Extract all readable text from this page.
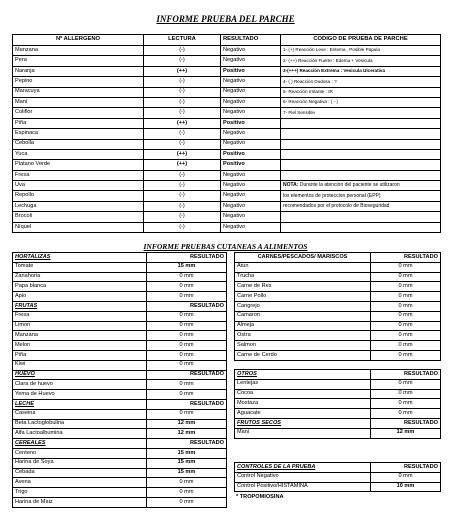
INFORME PRUEBA DEL PARCHE
Nº ALLERGENO	LECTURA	RESULTADO	CODIGO DE PRUEBA DE PARCHE
Manzana	(-)	Negativo	1- (+) Reacción Leve : Eritema , Posible Papula
Pera	(-)	Negativo	2- (++) Reacción Fuerte : Edema + Vesicula
Naranja	(++)	Positivo	3-(+++) Reacción Extrema : Vesicula Ulcerativa
Pepino	(-)	Negativo	4- ( ) Reacción Dudosa : ?
Maracuya	(-)	Negativo	5- Reacción Irritante : IR
Maní	(-)	Negativo	6- Reacción Negativa : ( - )
Coliflor	(-)	Negativo	7- Piel Sensible
Piña	(++)	Positivo	
Espinaca	(-)	Negativo	
Cebolla	(-)	Negativo	
Yuca	(++)	Positivo	
Platano Verde	(++)	Positivo	
Fresa	(-)	Negativo	
Uva	(-)	Negativo	NOTA: Durante la atencion del paciente se utilizaron
Repollo	(-)	Negativo	los elementos de proteccion personal (EPP)
Lechuga	(-)	Negativo	recomendados por el protocolo de Bioseguridad
Brocoli	(-)	Negativo	
Níquel	(-)	Negativo	
INFORME PRUEBAS CUTANEAS A ALIMENTOS
HORTALIZAS	RESULTADO
Tomate	15 mm
Zanahoria	0 mm
Papa blanca	0 mm
Apio	0 mm
FRUTAS	RESULTADO
Fresa	0 mm
Limon	0 mm
Manzana	0 mm
Melon	0 mm
Piña	0 mm
Kiwi	0 mm
HUEVO	RESULTADO
Clara de huevo	0 mm
Yema de Huevo	0 mm
LECHE	RESULTADO
Caseina	0 mm
Beta Lactoglobulina	12 mm
Alfa Lactoalbumina	12 mm
CEREALES	RESULTADO
Centeno	15 mm
Harina de Soya	15 mm
Cebada	15 mm
Avena	0 mm
Trigo	0 mm
Harina de Maiz	0 mm
CARNES/PESCADOS/ MARISCOS	RESULTADO
Atun	0 mm
Trucha	0 mm
Carne de Res	0 mm
Carne Pollo	0 mm
Cangrejo	0 mm
Camaron	0 mm
Almeja	0 mm
Ostra	0 mm
Salmon	0 mm
Carne de Cerdo	0 mm
OTROS	RESULTADO
Lentejas	0 mm
Cocoa	0 mm
Mostaza	0 mm
Aguacate	0 mm
FRUTOS SECOS	RESULTADO
Maní	12 mm
CONTROLES DE LA PRUEBA	RESULTADO
Control Negativo	0 mm
Control Positivo/HISTAMINA	10 mm
* TROPOMIOSINA
